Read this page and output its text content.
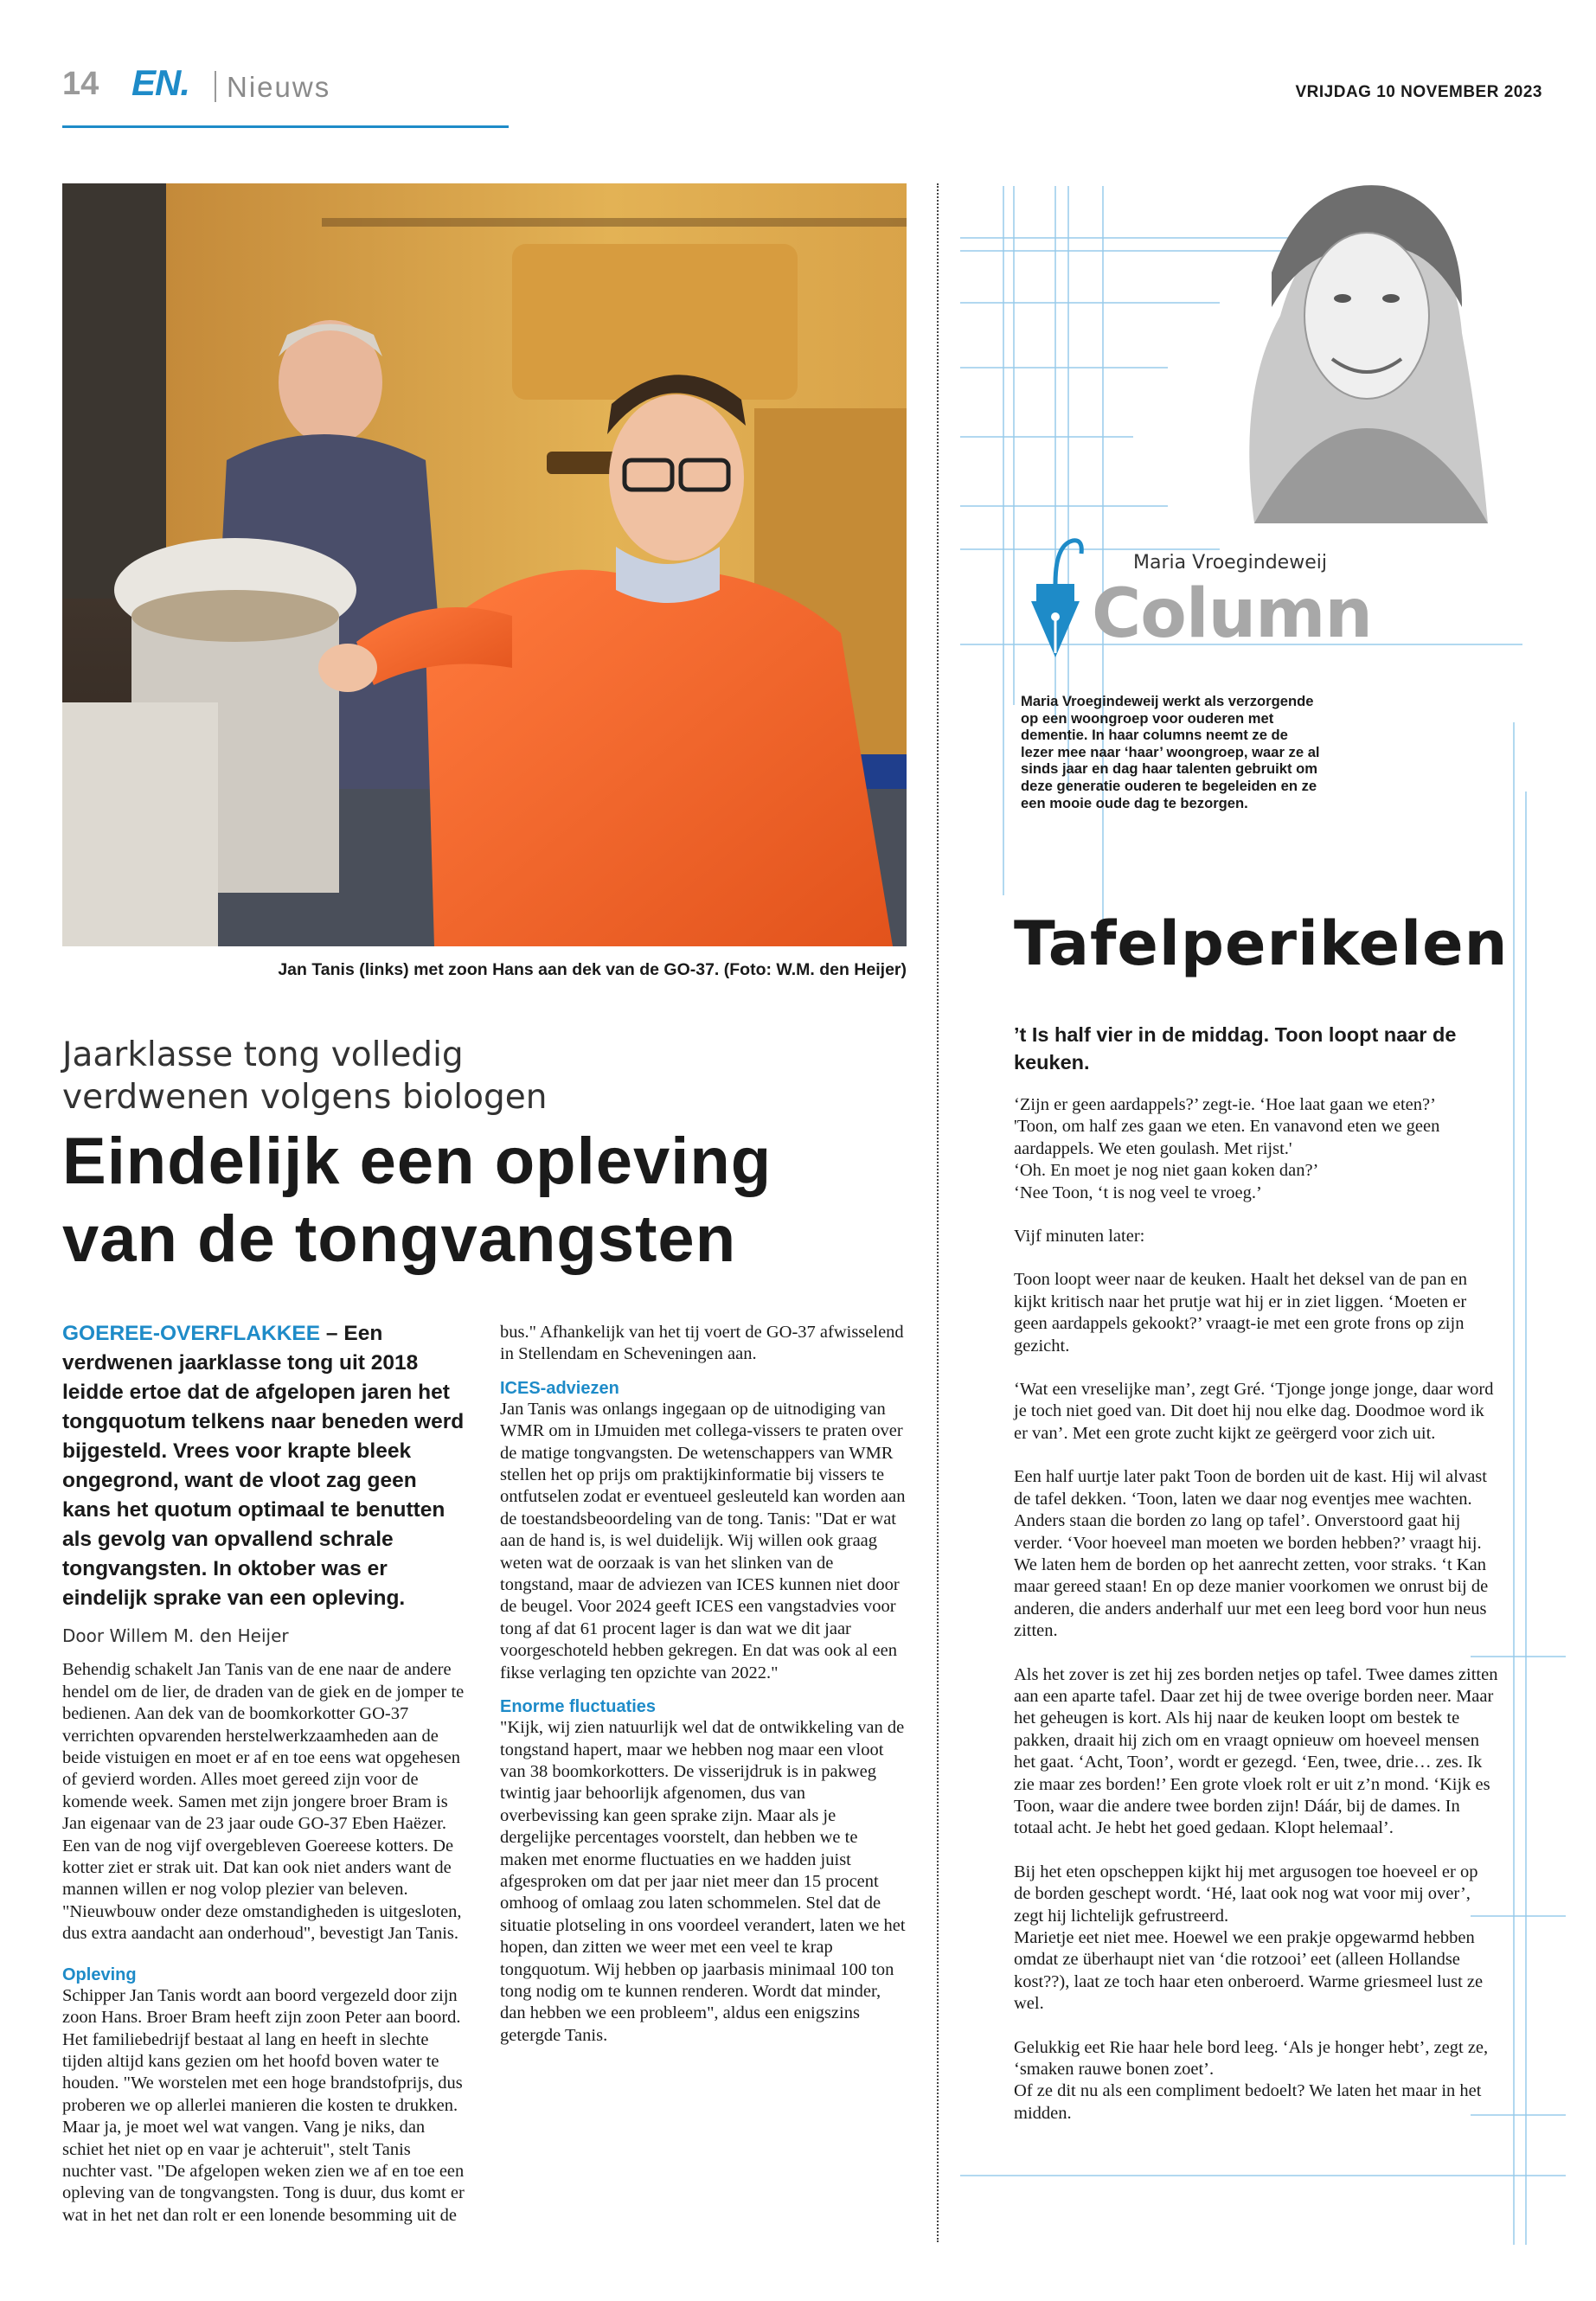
14 EN. Nieuws	VRIJDAG 10 NOVEMBER 2023
Jan Tanis (links) met zoon Hans aan dek van de GO-37. (Foto: W.M. den Heijer)
Jaarklasse tong volledig
verdwenen volgens biologen
Eindelijk een opleving
van de tongvangsten

GOEREE-OVERFLAKKEE – Een verdwenen jaarklasse tong uit 2018 leidde ertoe dat de afgelopen jaren het tongquotum telkens naar beneden werd bijgesteld. Vrees voor krapte bleek ongegrond, want de vloot zag geen kans het quotum optimaal te benutten als gevolg van opvallend schrale tongvangsten. In oktober was er eindelijk sprake van een opleving.

Door Willem M. den Heijer

Behendig schakelt Jan Tanis van de ene naar de andere hendel om de lier, de draden van de giek en de jomper te bedienen. Aan dek van de boomkorkotter GO-37 verrichten opvarenden herstelwerkzaamheden aan de beide vistuigen en moet er af en toe eens wat opgehesen of gevierd worden. Alles moet gereed zijn voor de komende week. Samen met zijn jongere broer Bram is Jan eigenaar van de 23 jaar oude GO-37 Eben Haëzer. Een van de nog vijf overgebleven Goereese kotters. De kotter ziet er strak uit. Dat kan ook niet anders want de mannen willen er nog volop plezier van beleven. "Nieuwbouw onder deze omstandigheden is uitgesloten, dus extra aandacht aan onderhoud", bevestigt Jan Tanis.

Opleving

Schipper Jan Tanis wordt aan boord vergezeld door zijn zoon Hans. Broer Bram heeft zijn zoon Peter aan boord. Het familiebedrijf bestaat al lang en heeft in slechte tijden altijd kans gezien om het hoofd boven water te houden. "We worstelen met een hoge brandstofprijs, dus proberen we op allerlei manieren die kosten te drukken. Maar ja, je moet wel wat vangen. Vang je niks, dan schiet het niet op en vaar je achteruit", stelt Tanis nuchter vast. "De afgelopen weken zien we af en toe een opleving van de tongvangsten. Tong is duur, dus komt er wat in het net dan rolt er een lonende besomming uit de

Maria Vroegindeweij
Column
Maria Vroegindeweij werkt als verzorgende op een woongroep voor ouderen met dementie. In haar columns neemt ze de lezer mee naar ‘haar’ woongroep, waar ze al sinds jaar en dag haar talenten gebruikt om deze generatie ouderen te begeleiden en ze een mooie oude dag te bezorgen.
Tafelperikelen
’t Is half vier in de middag. Toon loopt naar de keuken.

‘Zijn er geen aardappels?’ zegt-ie. ‘Hoe laat gaan we eten?’
'Toon, om half zes gaan we eten. En vanavond eten we geen aardappels. We eten goulash. Met rijst.'
‘Oh. En moet je nog niet gaan koken dan?’
‘Nee Toon, ‘t is nog veel te vroeg.’

Vijf minuten later:

Toon loopt weer naar de keuken. Haalt het deksel van de pan en kijkt kritisch naar het prutje wat hij er in ziet liggen. ‘Moeten er geen aardappels gekookt?’ vraagt-ie met een grote frons op zijn gezicht.

‘Wat een vreselijke man’, zegt Gré. ‘Tjonge jonge jonge, daar word je toch niet goed van. Dit doet hij nou elke dag. Doodmoe word ik er van’. Met een grote zucht kijkt ze geërgerd voor zich uit.

Een half uurtje later pakt Toon de borden uit de kast. Hij wil alvast de tafel dekken. ‘Toon, laten we daar nog eventjes mee wachten. Anders staan die borden zo lang op tafel’. Onverstoord gaat hij verder. ‘Voor hoeveel man moeten we borden hebben?’ vraagt hij. We laten hem de borden op het aanrecht zetten, voor straks. ‘t Kan maar gereed staan! En op deze manier voorkomen we onrust bij de anderen, die anders anderhalf uur met een leeg bord voor hun neus zitten.

Als het zover is zet hij zes borden netjes op tafel. Twee dames zitten aan een aparte tafel. Daar zet hij de twee overige borden neer. Maar het geheugen is kort. Als hij naar de keuken loopt om bestek te pakken, draait hij zich om en vraagt opnieuw om hoeveel mensen het gaat. ‘Acht, Toon’, wordt er gezegd. ‘Een, twee, drie… zes. Ik zie maar zes borden!’ Een grote vloek rolt er uit z’n mond. ‘Kijk es Toon, waar die andere twee borden zijn! Dáár, bij de dames. In totaal acht. Je hebt het goed gedaan. Klopt helemaal’.

Bij het eten opscheppen kijkt hij met argusogen toe hoeveel er op de borden geschept wordt. ‘Hé, laat ook nog wat voor mij over’, zegt hij lichtelijk gefrustreerd.
Marietje eet niet mee. Hoewel we een prakje opgewarmd hebben omdat ze überhaupt niet van ‘die rotzooi’ eet (alleen Hollandse kost??), laat ze toch haar eten onberoerd. Warme griesmeel lust ze wel.

Gelukkig eet Rie haar hele bord leeg. ‘Als je honger hebt’, zegt ze, ‘smaken rauwe bonen zoet’.
Of ze dit nu als een compliment bedoelt? We laten het maar in het midden.

bus." Afhankelijk van het tij voert de GO-37 afwisselend in Stellendam en Scheveningen aan.

ICES-adviezen

Jan Tanis was onlangs ingegaan op de uitnodiging van WMR om in IJmuiden met collega-vissers te praten over de matige tongvangsten. De wetenschappers van WMR stellen het op prijs om praktijkinformatie bij vissers te ontfutselen zodat er eventueel gesleuteld kan worden aan de toestandsbeoordeling van de tong. Tanis: "Dat er wat aan de hand is, is wel duidelijk. Wij willen ook graag weten wat de oorzaak is van het slinken van de tongstand, maar de adviezen van ICES kunnen niet door de beugel. Voor 2024 geeft ICES een vangstadvies voor tong af dat 61 procent lager is dan wat we dit jaar voorgeschoteld hebben gekregen. En dat was ook al een fikse verlaging ten opzichte van 2022."

Enorme fluctuaties

"Kijk, wij zien natuurlijk wel dat de ontwikkeling van de tongstand hapert, maar we hebben nog maar een vloot van 38 boomkorkotters. De visserijdruk is in pakweg twintig jaar behoorlijk afgenomen, dus van overbevissing kan geen sprake zijn. Maar als je dergelijke percentages voorstelt, dan hebben we te maken met enorme fluctuaties en we hadden juist afgesproken om dat per jaar niet meer dan 15 procent omhoog of omlaag zou laten schommelen. Stel dat de situatie plotseling in ons voordeel verandert, laten we het hopen, dan zitten we weer met een veel te krap tongquotum. Wij hebben op jaarbasis minimaal 100 ton tong nodig om te kunnen renderen. Wordt dat minder, dan hebben we een probleem", aldus een enigszins getergde Tanis.
